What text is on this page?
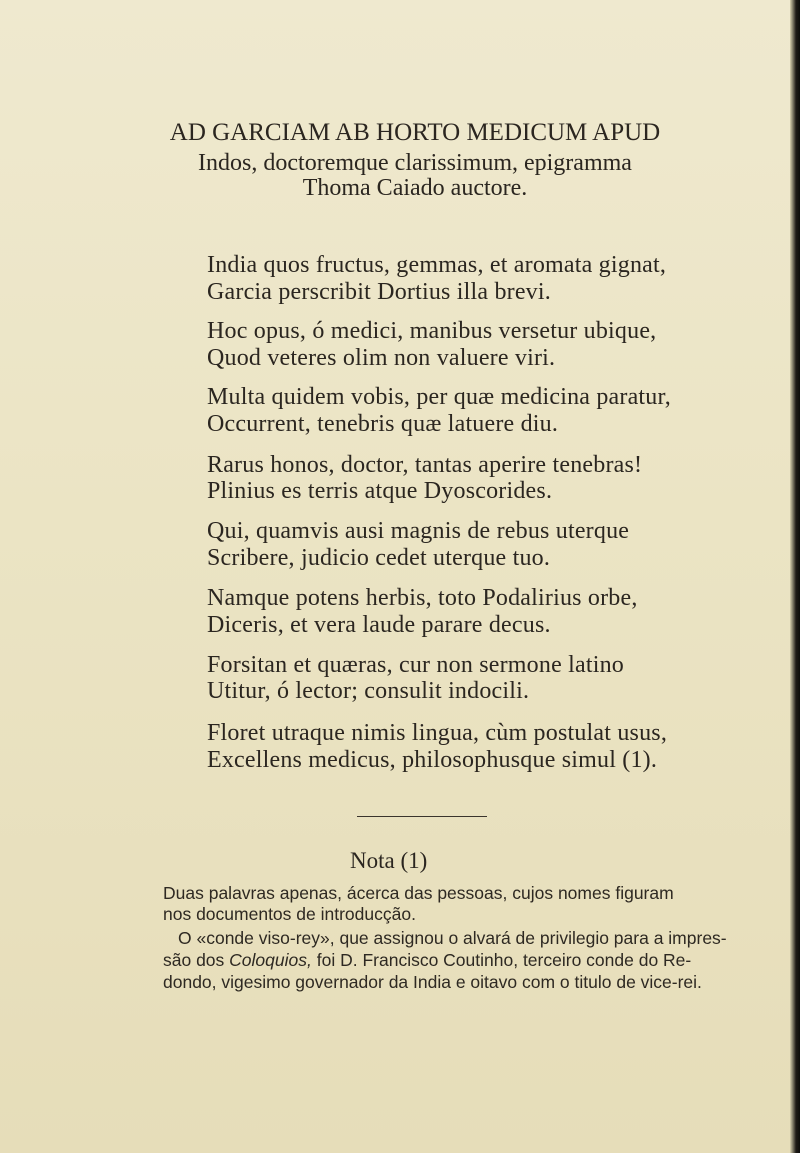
AD GARCIAM AB HORTO MEDICUM APUD
Indos, doctoremque clarissimum, epigramma
Thoma Caiado auctore.

India quos fructus, gemmas, et aromata gignat,

Garcia perscribit Dortius illa brevi.

Hoc opus, ó medici, manibus versetur ubique,

Quod veteres olim non valuere viri.

Multa quidem vobis, per quæ medicina paratur,

Occurrent, tenebris quæ latuere diu.

Rarus honos, doctor, tantas aperire tenebras!

Plinius es terris atque Dyoscorides.

Qui, quamvis ausi magnis de rebus uterque

Scribere, judicio cedet uterque tuo.

Namque potens herbis, toto Podalirius orbe,

Diceris, et vera laude parare decus.

Forsitan et quæras, cur non sermone latino

Utitur, ó lector; consulit indocili.

Floret utraque nimis lingua, cùm postulat usus,

Excellens medicus, philosophusque simul (1).

Nota (1)

Duas palavras apenas, ácerca das pessoas, cujos nomes figuram

nos documentos de introducção.

O «conde viso-rey», que assignou o alvará de privilegio para a impres-

são dos Coloquios, foi D. Francisco Coutinho, terceiro conde do Re-

dondo, vigesimo governador da India e oitavo com o titulo de vice-rei.
